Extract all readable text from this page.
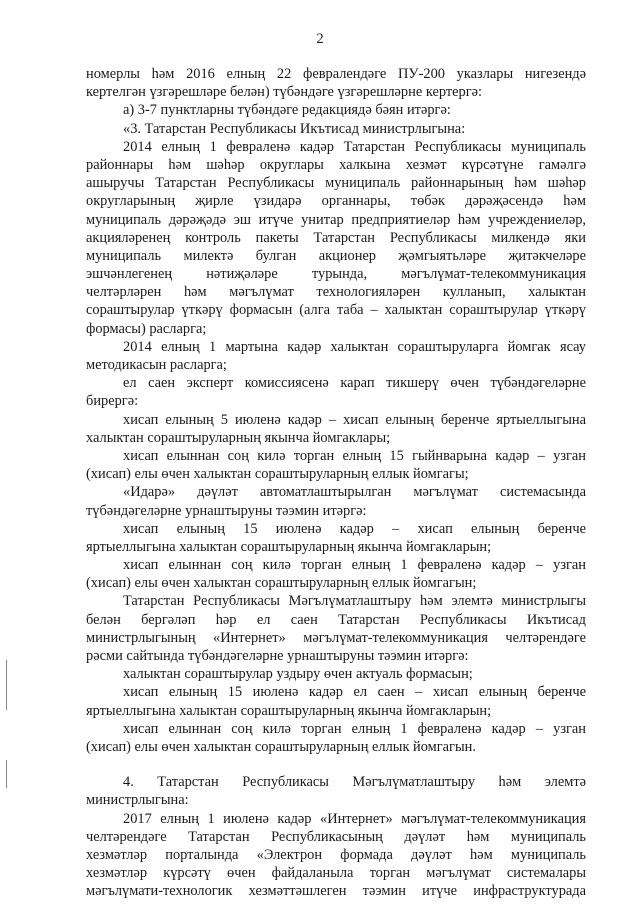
2
номерлы һәм 2016 елның 22 февралендәге ПУ-200 указлары нигезендә
кертелгән үзгәрешләре белән) түбәндәге үзгәрешләрне кертергә:
а) 3-7 пунктларны түбәндәге редакциядә бәян итәргә:
«3. Татарстан Республикасы Икътисад министрлыгына:
2014 елның 1 февраленә кадәр Татарстан Республикасы муниципаль
районнары һәм шәһәр округлары халкына хезмәт күрсәтүне гамәлгә
ашыручы Татарстан Республикасы муниципаль районнарының һәм шәһәр
округларының җирле үзидарә органнары, төбәк дәрәҗәсендә һәм
муниципаль дәрәҗәдә эш итүче унитар предприятиеләр һәм учреждениеләр,
акцияләренең контроль пакеты Татарстан Республикасы милкендә яки
муниципаль милектә булган акционер җәмгыятьләре җитәкчеләре
эшчәнлегенең нәтиҗәләре турында, мәгълүмат-телекоммуникация
челтәрләрен һәм мәгълүмат технологияләрен кулланып, халыктан
сораштырулар үткәрү формасын (алга таба – халыктан сораштырулар үткәрү
формасы) расларга;
2014 елның 1 мартына кадәр халыктан сораштыруларга йомгак ясау
методикасын расларга;
ел саен эксперт комиссиясенә карап тикшерү өчен түбәндәгеләрне
бирергә:
хисап елының 5 июленә кадәр – хисап елының беренче яртыеллыгына
халыктан сораштыруларның якынча йомгаклары;
хисап елыннан соң килә торган елның 15 гыйнварына кадәр – узган
(хисап) елы өчен халыктан сораштыруларның еллык йомгагы;
«Идарә» дәүләт автоматлаштырылган мәгълүмат системасында
түбәндәгеләрне урнаштыруны тәэмин итәргә:
хисап елының 15 июленә кадәр – хисап елының беренче
яртыеллыгына халыктан сораштыруларның якынча йомгакларын;
хисап елыннан соң килә торган елның 1 февраленә кадәр – узган
(хисап) елы өчен халыктан сораштыруларның еллык йомгагын;
Татарстан Республикасы Мәгълүматлаштыру һәм элемтә министрлыгы
белән бергәләп һәр ел саен Татарстан Республикасы Икътисад
министрлыгының «Интернет» мәгълүмат-телекоммуникация челтәрендәге
рәсми сайтында түбәндәгеләрне урнаштыруны тәэмин итәргә:
халыктан сораштырулар уздыру өчен актуаль формасын;
хисап елының 15 июленә кадәр ел саен – хисап елының беренче
яртыеллыгына халыктан сораштыруларның якынча йомгакларын;
хисап елыннан соң килә торган елның 1 февраленә кадәр – узган
(хисап) елы өчен халыктан сораштыруларның еллык йомгагын.
4. Татарстан Республикасы Мәгълүматлаштыру һәм элемтә
министрлыгына:
2017 елның 1 июленә кадәр «Интернет» мәгълүмат-телекоммуникация
челтәрендәге Татарстан Республикасының дәүләт һәм муниципаль
хезмәтләр порталында «Электрон формада дәүләт һәм муниципаль
хезмәтләр күрсәтү өчен файдаланыла торган мәгълүмат системалары
мәгълүмати-технологик хезмәттәшлеген тәэмин итүче инфраструктурада
